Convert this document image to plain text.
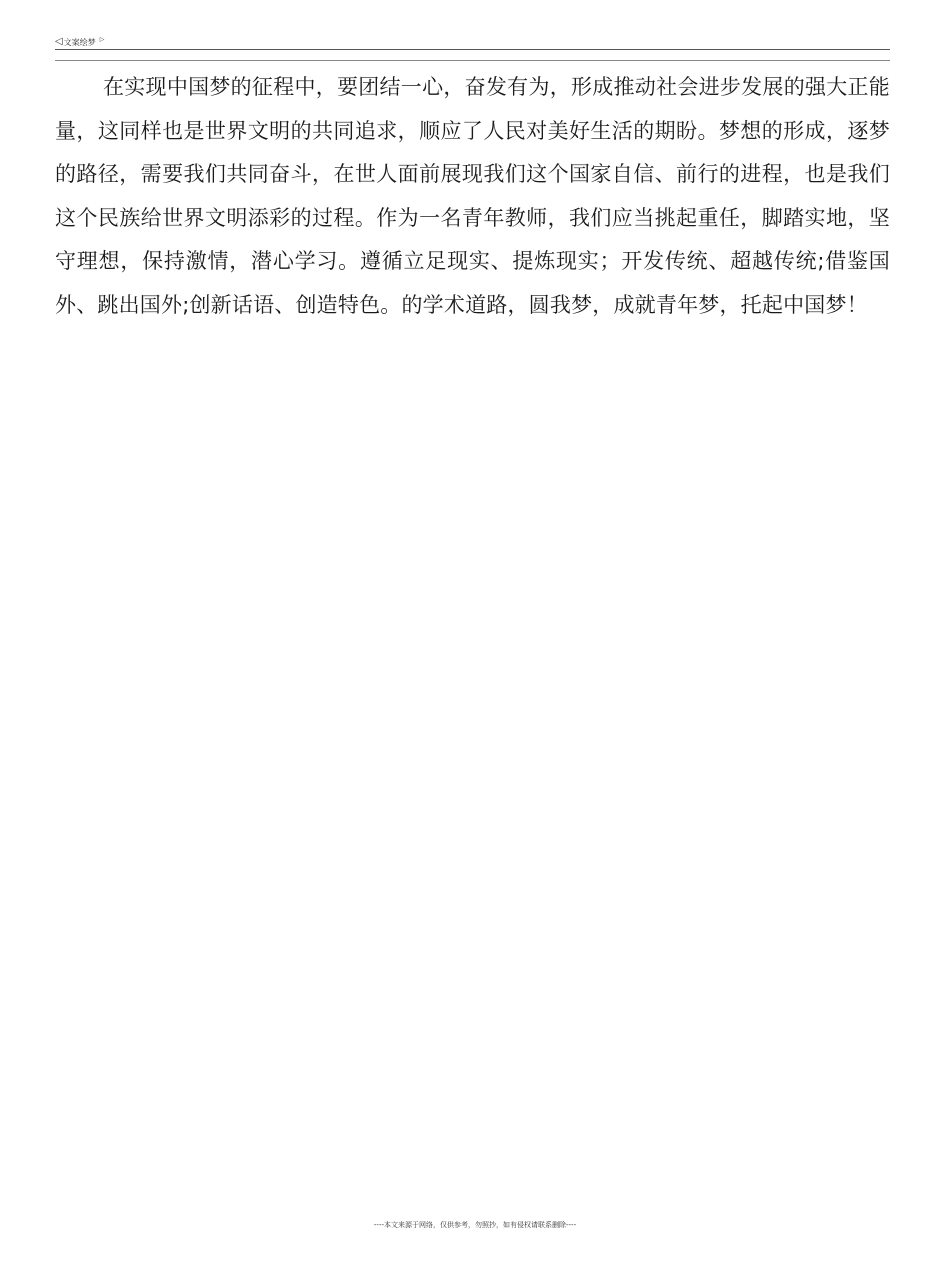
◁ 文案绘梦 ▷

在实现中国梦的征程中，要团结一心，奋发有为，形成推动社会进步发展的强大正能量，这同样也是世界文明的共同追求，顺应了人民对美好生活的期盼。梦想的形成，逐梦的路径，需要我们共同奋斗，在世人面前展现我们这个国家自信、前行的进程，也是我们这个民族给世界文明添彩的过程。作为一名青年教师，我们应当挑起重任，脚踏实地，坚守理想，保持激情，潜心学习。遵循立足现实、提炼现实；开发传统、超越传统;借鉴国外、跳出国外;创新话语、创造特色。的学术道路，圆我梦，成就青年梦，托起中国梦！

----本文来源于网络，仅供参考，勿照抄，如有侵权请联系删除----
